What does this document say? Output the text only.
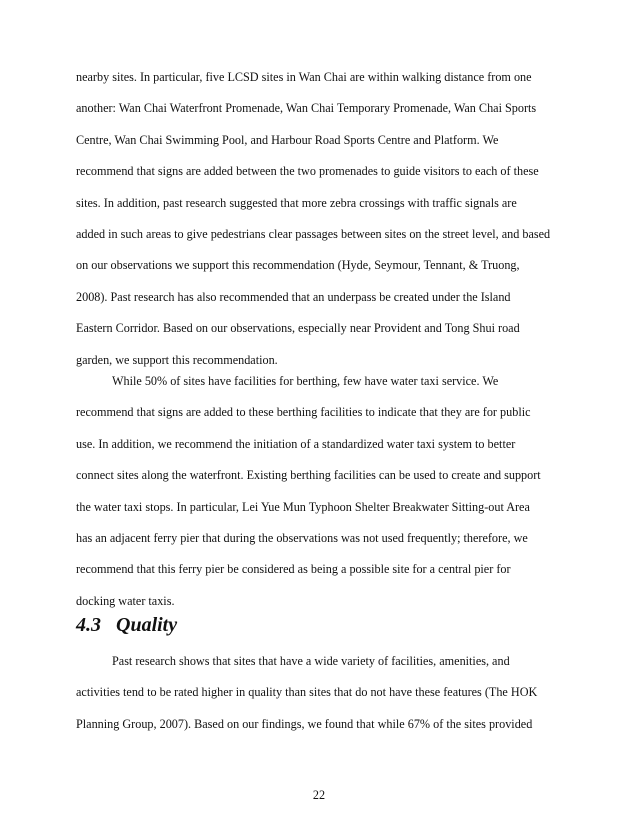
nearby sites. In particular, five LCSD sites in Wan Chai are within walking distance from one
another: Wan Chai Waterfront Promenade, Wan Chai Temporary Promenade, Wan Chai Sports
Centre, Wan Chai Swimming Pool, and Harbour Road Sports Centre and Platform. We
recommend that signs are added between the two promenades to guide visitors to each of these
sites. In addition, past research suggested that more zebra crossings with traffic signals are
added in such areas to give pedestrians clear passages between sites on the street level, and based
on our observations we support this recommendation (Hyde, Seymour, Tennant, & Truong,
2008). Past research has also recommended that an underpass be created under the Island
Eastern Corridor. Based on our observations, especially near Provident and Tong Shui road
garden, we support this recommendation.

While 50% of sites have facilities for berthing, few have water taxi service. We
recommend that signs are added to these berthing facilities to indicate that they are for public
use. In addition, we recommend the initiation of a standardized water taxi system to better
connect sites along the waterfront. Existing berthing facilities can be used to create and support
the water taxi stops. In particular, Lei Yue Mun Typhoon Shelter Breakwater Sitting-out Area
has an adjacent ferry pier that during the observations was not used frequently; therefore, we
recommend that this ferry pier be considered as being a possible site for a central pier for
docking water taxis.

4.3 Quality

Past research shows that sites that have a wide variety of facilities, amenities, and
activities tend to be rated higher in quality than sites that do not have these features (The HOK
Planning Group, 2007). Based on our findings, we found that while 67% of the sites provided

22
